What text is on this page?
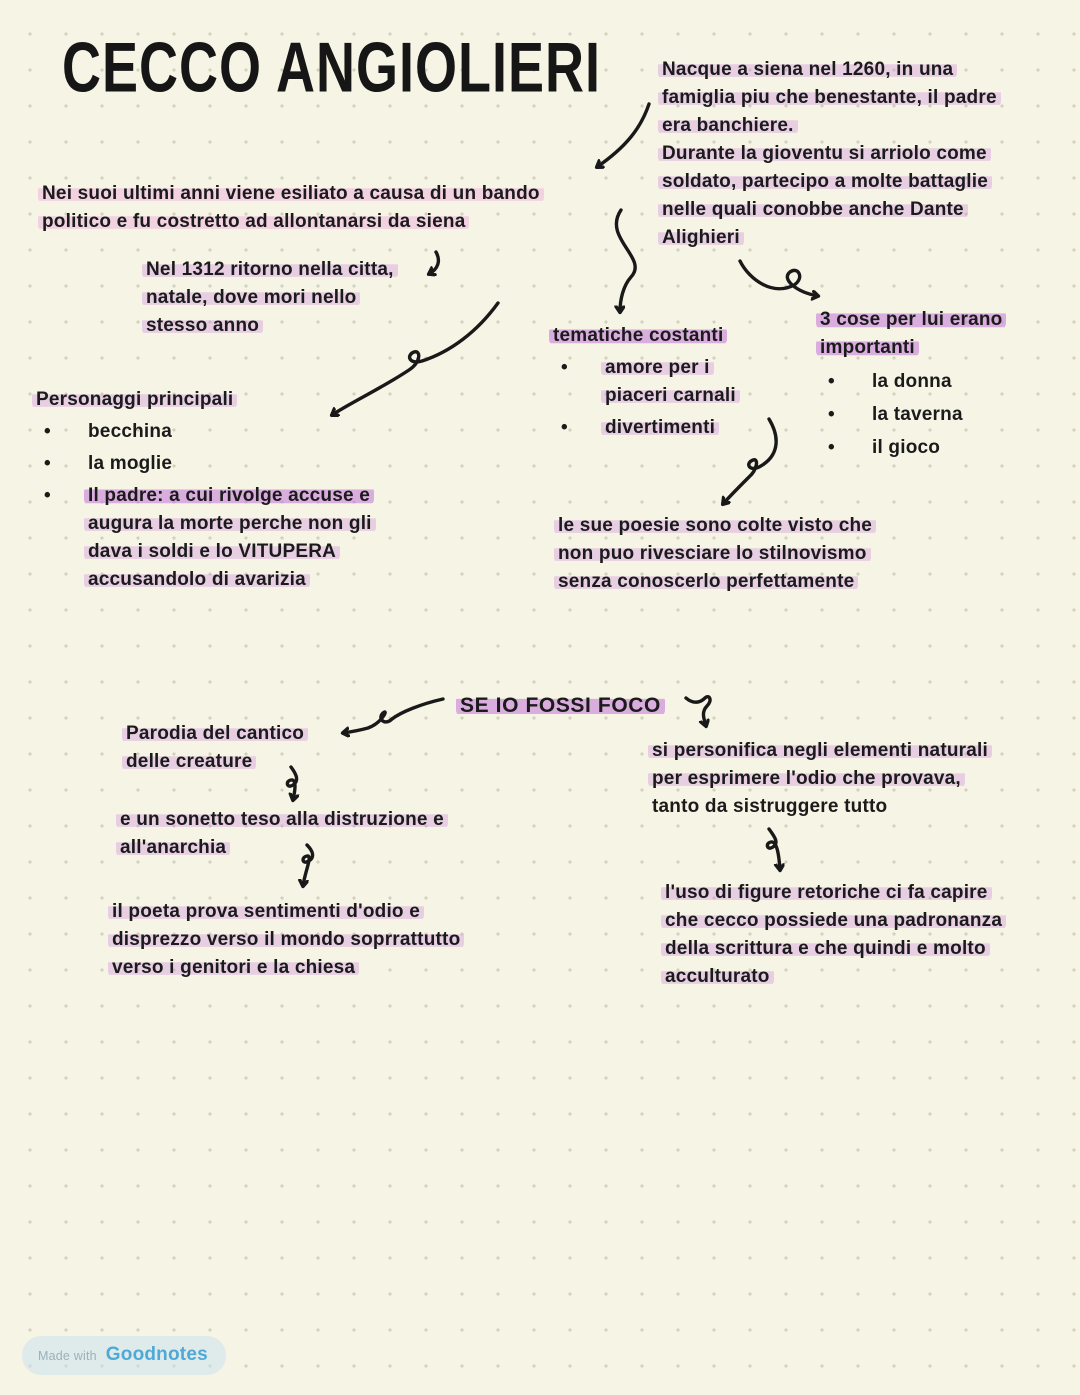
CECCO ANGIOLIERI	Nacque a siena nel 1260, in una
famiglia piu che benestante, il padre
era banchiere.
Durante la gioventu si arriolo come
soldato, partecipo a molte battaglie
nelle quali conobbe anche Dante
Alighieri
Nei suoi ultimi anni viene esiliato a causa di un bando
politico e fu costretto ad allontanarsi da siena
Nel 1312 ritorno nella citta,
natale, dove mori nello
stesso anno	tematiche costanti
•	amore per i
piaceri carnali
•	divertimenti
3 cose per lui erano
importanti
•	la donna
•	la taverna
•	il gioco
Personaggi principali
•	becchina
•	la moglie
•	Il padre: a cui rivolge accuse e
augura la morte perche non gli
dava i soldi e lo VITUPERA
accusandolo di avarizia
le sue poesie sono colte visto che
non puo rivesciare lo stilnovismo
senza conoscerlo perfettamente
SE IO FOSSI FOCO
Parodia del cantico
delle creature
e un sonetto teso alla distruzione e
all'anarchia
il poeta prova sentimenti d'odio e
disprezzo verso il mondo soprrattutto
verso i genitori e la chiesa
si personifica negli elementi naturali
per esprimere l'odio che provava,
tanto da sistruggere tutto
l'uso di figure retoriche ci fa capire
che cecco possiede una padronanza
della scrittura e che quindi e molto
acculturato
Made with Goodnotes
